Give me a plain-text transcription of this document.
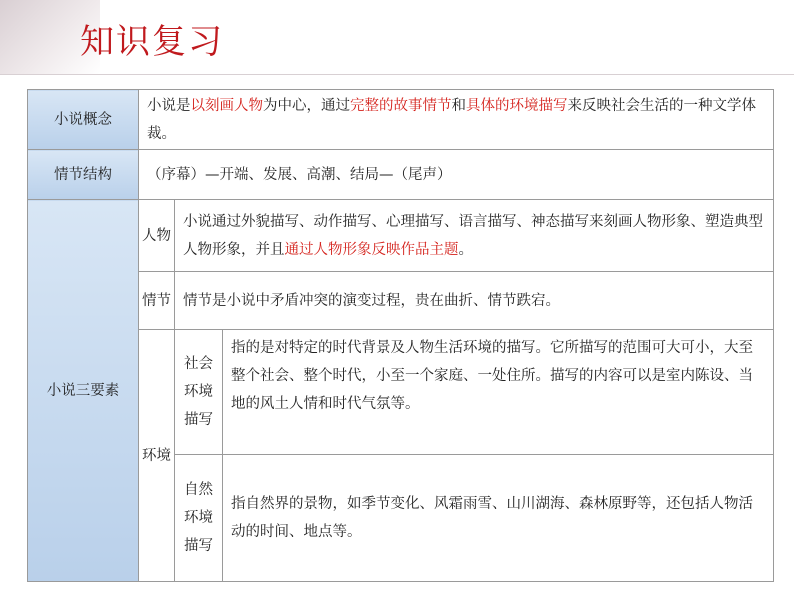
知识复习
小说概念	小说是以刻画人物为中心，通过完整的故事情节和具体的环境描写来反映社会生活的一种文学体裁。		
情节结构	（序幕）—开端、发展、高潮、结局—（尾声）		
小说三要素	人物	小说通过外貌描写、动作描写、心理描写、语言描写、神态描写来刻画人物形象、塑造典型人物形象，并且通过人物形象反映作品主题。	
	情节	情节是小说中矛盾冲突的演变过程，贵在曲折、情节跌宕。	
	环境	社会环境描写	指的是对特定的时代背景及人物生活环境的描写。它所描写的范围可大可小，大至整个社会、整个时代，小至一个家庭、一处住所。描写的内容可以是室内陈设、当地的风土人情和时代气氛等。
		自然环境描写	指自然界的景物，如季节变化、风霜雨雪、山川湖海、森林原野等，还包括人物活动的时间、地点等。
